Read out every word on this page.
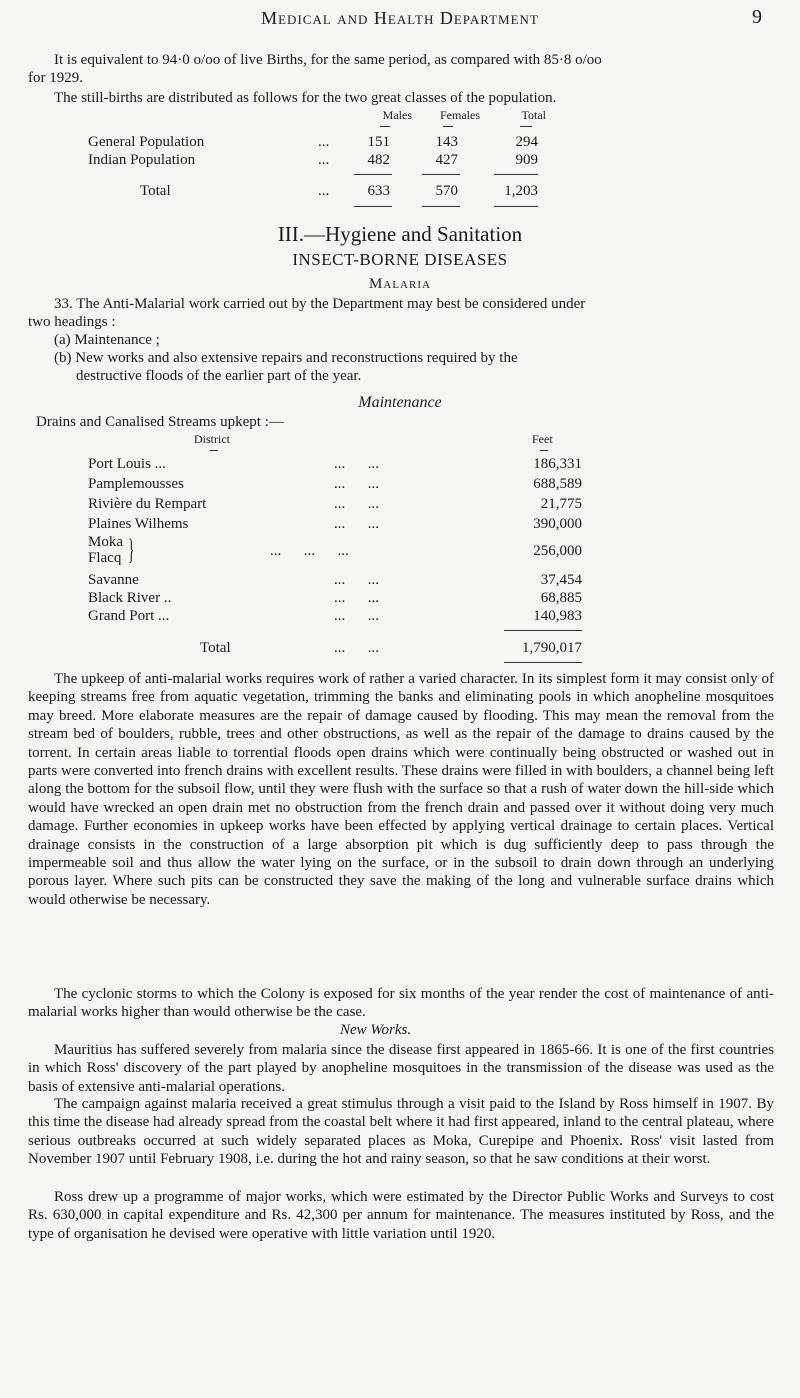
Medical and Health Department	9
It is equivalent to 94·0 o/oo of live Births, for the same period, as compared with 85·8 o/oo
for 1929.
The still-births are distributed as follows for the two great classes of the population.
Males	Females	Total
General Population	...	151	143	294
Indian Population	...	482	427	909
Total	...	633	570	1,203
III.—Hygiene and Sanitation
INSECT-BORNE DISEASES
Malaria
33. The Anti-Malarial work carried out by the Department may best be considered under
two headings :
(a) Maintenance ;
(b) New works and also extensive repairs and reconstructions required by the
destructive floods of the earlier part of the year.
Maintenance
Drains and Canalised Streams upkept :—
District	Feet
Port Louis ...	...      ...	186,331
Pamplemousses	...      ...	688,589
Rivière du Rempart	...      ...	21,775
Plaines Wilhems	...      ...	390,000
Moka
Flacq }	...      ...      ...	256,000
Savanne	...      ...	37,454
Black River ..	...      ...	68,885
Grand Port ...	...      ...	140,983
Total	...      ...	1,790,017
The upkeep of anti-malarial works requires work of rather a varied character. In its simplest form it may consist only of keeping streams free from aquatic vegetation, trimming the banks and eliminating pools in which anopheline mosquitoes may breed. More elaborate measures are the repair of damage caused by flooding. This may mean the removal from the stream bed of boulders, rubble, trees and other obstructions, as well as the repair of the damage to drains caused by the torrent. In certain areas liable to torrential floods open drains which were continually being obstructed or washed out in parts were converted into french drains with excellent results. These drains were filled in with boulders, a channel being left along the bottom for the subsoil flow, until they were flush with the surface so that a rush of water down the hill-side which would have wrecked an open drain met no obstruction from the french drain and passed over it without doing very much damage. Further economies in upkeep works have been effected by applying vertical drainage to certain places. Vertical drainage consists in the construction of a large absorption pit which is dug sufficiently deep to pass through the impermeable soil and thus allow the water lying on the surface, or in the subsoil to drain down through an underlying porous layer. Where such pits can be constructed they save the making of the long and vulnerable surface drains which would otherwise be necessary.
The cyclonic storms to which the Colony is exposed for six months of the year render the cost of maintenance of anti-malarial works higher than would otherwise be the case.
New Works.
Mauritius has suffered severely from malaria since the disease first appeared in 1865-66. It is one of the first countries in which Ross' discovery of the part played by anopheline mosquitoes in the transmission of the disease was used as the basis of extensive anti-malarial operations.
The campaign against malaria received a great stimulus through a visit paid to the Island by Ross himself in 1907. By this time the disease had already spread from the coastal belt where it had first appeared, inland to the central plateau, where serious outbreaks occurred at such widely separated places as Moka, Curepipe and Phoenix. Ross' visit lasted from November 1907 until February 1908, i.e. during the hot and rainy season, so that he saw conditions at their worst.
Ross drew up a programme of major works, which were estimated by the Director Public Works and Surveys to cost Rs. 630,000 in capital expenditure and Rs. 42,300 per annum for maintenance. The measures instituted by Ross, and the type of organisation he devised were operative with little variation until 1920.
